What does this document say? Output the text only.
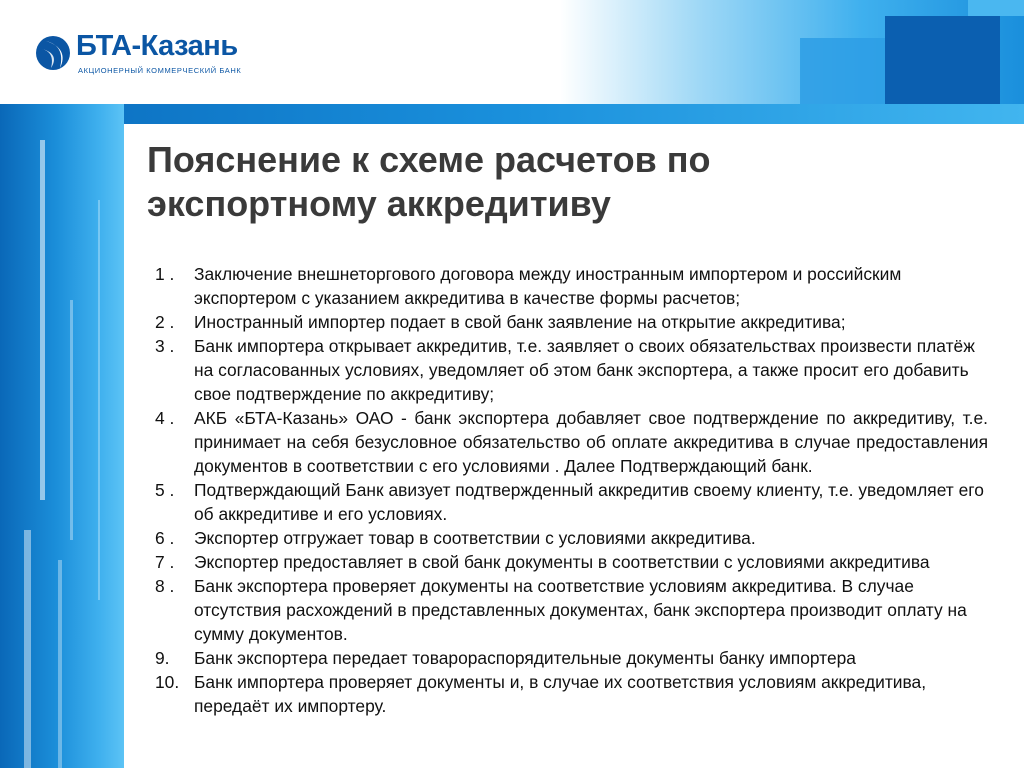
БТА-Казань
АКЦИОНЕРНЫЙ КОММЕРЧЕСКИЙ БАНК
Пояснение к схеме расчетов по
экспортному аккредитиву
1 . Заключение внешнеторгового договора между иностранным импортером и российским экспортером с указанием аккредитива в качестве формы расчетов;
2 . Иностранный импортер подает в свой банк заявление на открытие аккредитива;
3 . Банк импортера открывает аккредитив, т.е. заявляет о своих обязательствах произвести платёж на согласованных условиях, уведомляет об этом банк экспортера, а также просит его добавить свое подтверждение по аккредитиву;
4 . АКБ «БТА-Казань» ОАО - банк экспортера добавляет свое подтверждение по аккредитиву, т.е. принимает на себя безусловное обязательство об оплате аккредитива в случае предоставления документов в соответствии с его условиями . Далее Подтверждающий банк.
5 . Подтверждающий Банк авизует подтвержденный аккредитив своему клиенту, т.е. уведомляет его об аккредитиве и его условиях.
6 . Экспортер отгружает товар в соответствии с условиями аккредитива.
7 . Экспортер предоставляет в свой банк документы в соответствии с условиями аккредитива
8 . Банк экспортера проверяет документы на соответствие условиям аккредитива. В случае отсутствия расхождений в представленных документах, банк экспортера производит оплату на сумму документов.
9. Банк экспортера передает товарораспорядительные документы банку импортера
10. Банк импортера проверяет документы и, в случае их соответствия условиям аккредитива, передаёт их импортеру.
